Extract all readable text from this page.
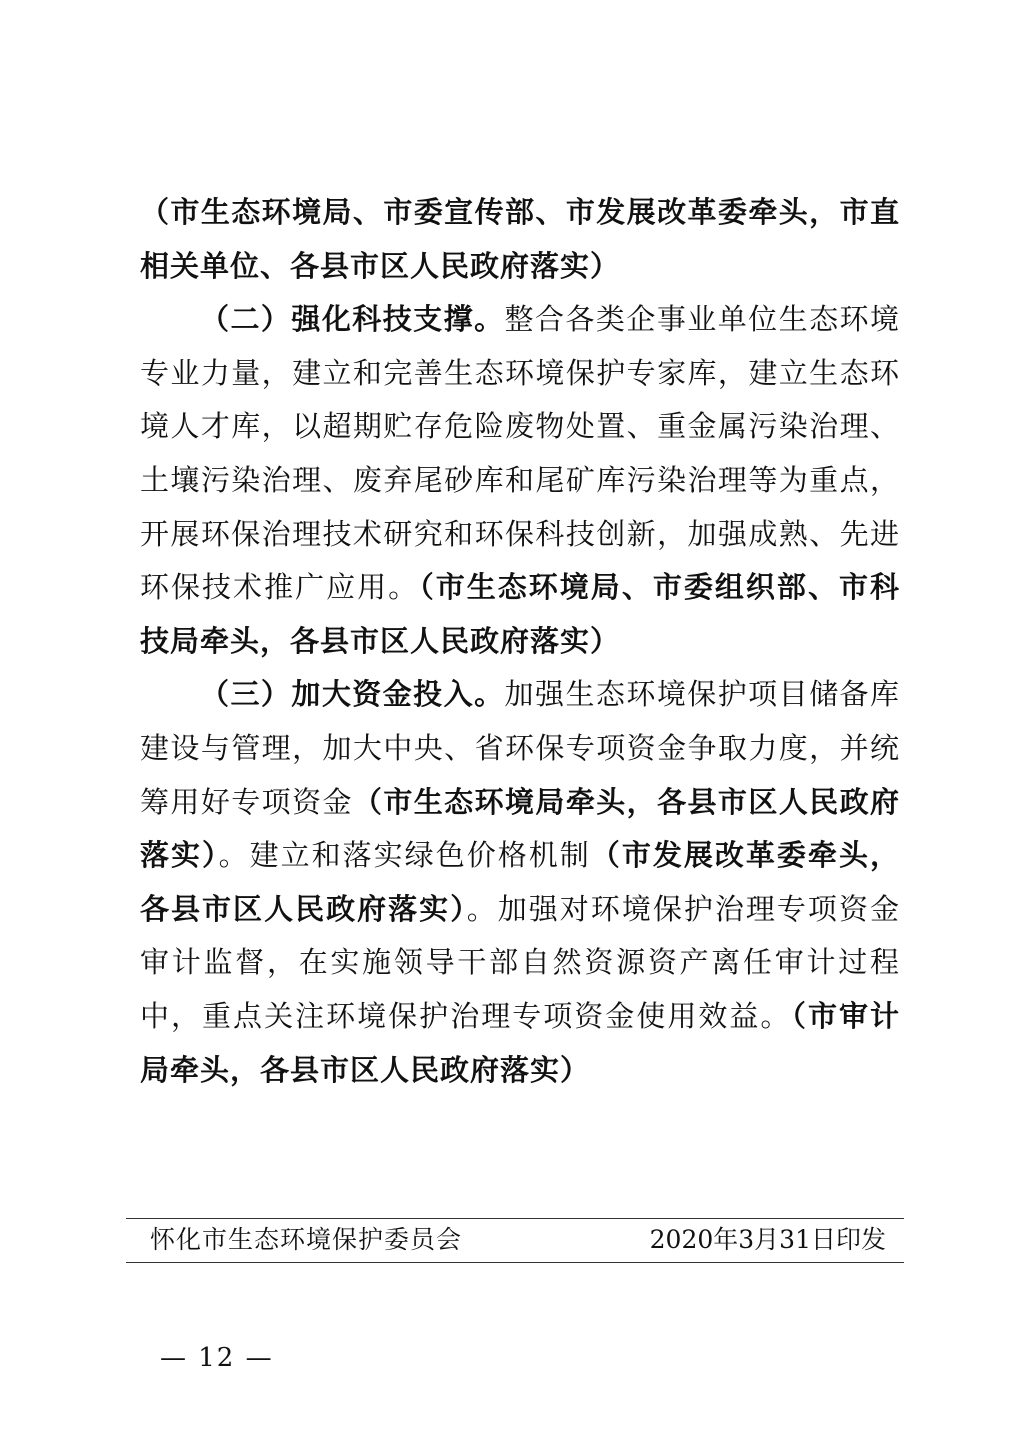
（市生态环境局、市委宣传部、市发展改革委牵头，市直相关单位、各县市区人民政府落实）

（二）强化科技支撑。整合各类企事业单位生态环境专业力量，建立和完善生态环境保护专家库，建立生态环境人才库，以超期贮存危险废物处置、重金属污染治理、土壤污染治理、废弃尾砂库和尾矿库污染治理等为重点，开展环保治理技术研究和环保科技创新，加强成熟、先进环保技术推广应用。（市生态环境局、市委组织部、市科技局牵头，各县市区人民政府落实）

（三）加大资金投入。加强生态环境保护项目储备库建设与管理，加大中央、省环保专项资金争取力度，并统筹用好专项资金（市生态环境局牵头，各县市区人民政府落实）。建立和落实绿色价格机制（市发展改革委牵头，各县市区人民政府落实）。加强对环境保护治理专项资金审计监督，在实施领导干部自然资源资产离任审计过程中，重点关注环境保护治理专项资金使用效益。（市审计局牵头，各县市区人民政府落实）

怀化市生态环境保护委员会	2020年3月31日印发
— 12 —
